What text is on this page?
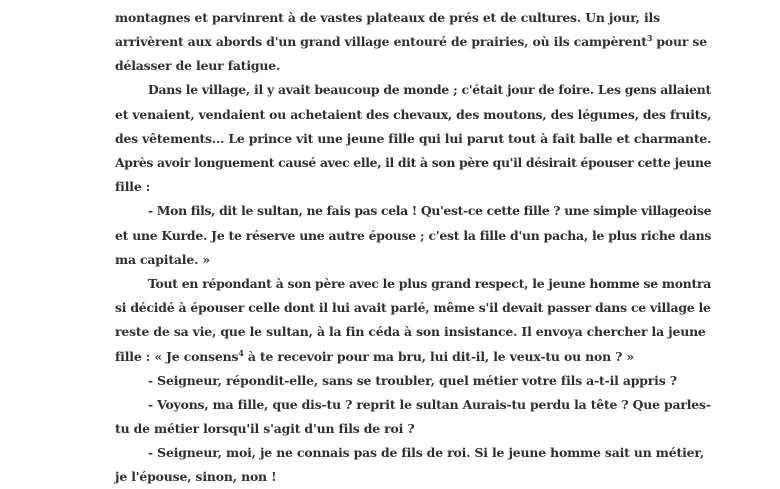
montagnes et parvinrent à de vastes plateaux de prés et de cultures. Un jour, ils
arrivèrent aux abords d'un grand village entouré de prairies, où ils campèrent$^3$ pour se
délasser de leur fatigue.
Dans le village, il y avait beaucoup de monde ; c'était jour de foire. Les gens allaient
et venaient, vendaient ou achetaient des chevaux, des moutons, des légumes, des fruits,
des vêtements... Le prince vit une jeune fille qui lui parut tout à fait balle et charmante.
Après avoir longuement causé avec elle, il dit à son père qu'il désirait épouser cette jeune
fille :
- Mon fils, dit le sultan, ne fais pas cela ! Qu'est-ce cette fille ? une simple villageoise
et une Kurde. Je te réserve une autre épouse ; c'est la fille d'un pacha, le plus riche dans
ma capitale. »
Tout en répondant à son père avec le plus grand respect, le jeune homme se montra
si décidé à épouser celle dont il lui avait parlé, même s'il devait passer dans ce village le
reste de sa vie, que le sultan, à la fin céda à son insistance. Il envoya chercher la jeune
fille : « Je consens$^4$ à te recevoir pour ma bru, lui dit-il, le veux-tu ou non ? »
- Seigneur, répondit-elle, sans se troubler, quel métier votre fils a-t-il appris ?
- Voyons, ma fille, que dis-tu ? reprit le sultan Aurais-tu perdu la tête ? Que parles-
tu de métier lorsqu'il s'agit d'un fils de roi ?
- Seigneur, moi, je ne connais pas de fils de roi. Si le jeune homme sait un métier,
je l'épouse, sinon, non !
